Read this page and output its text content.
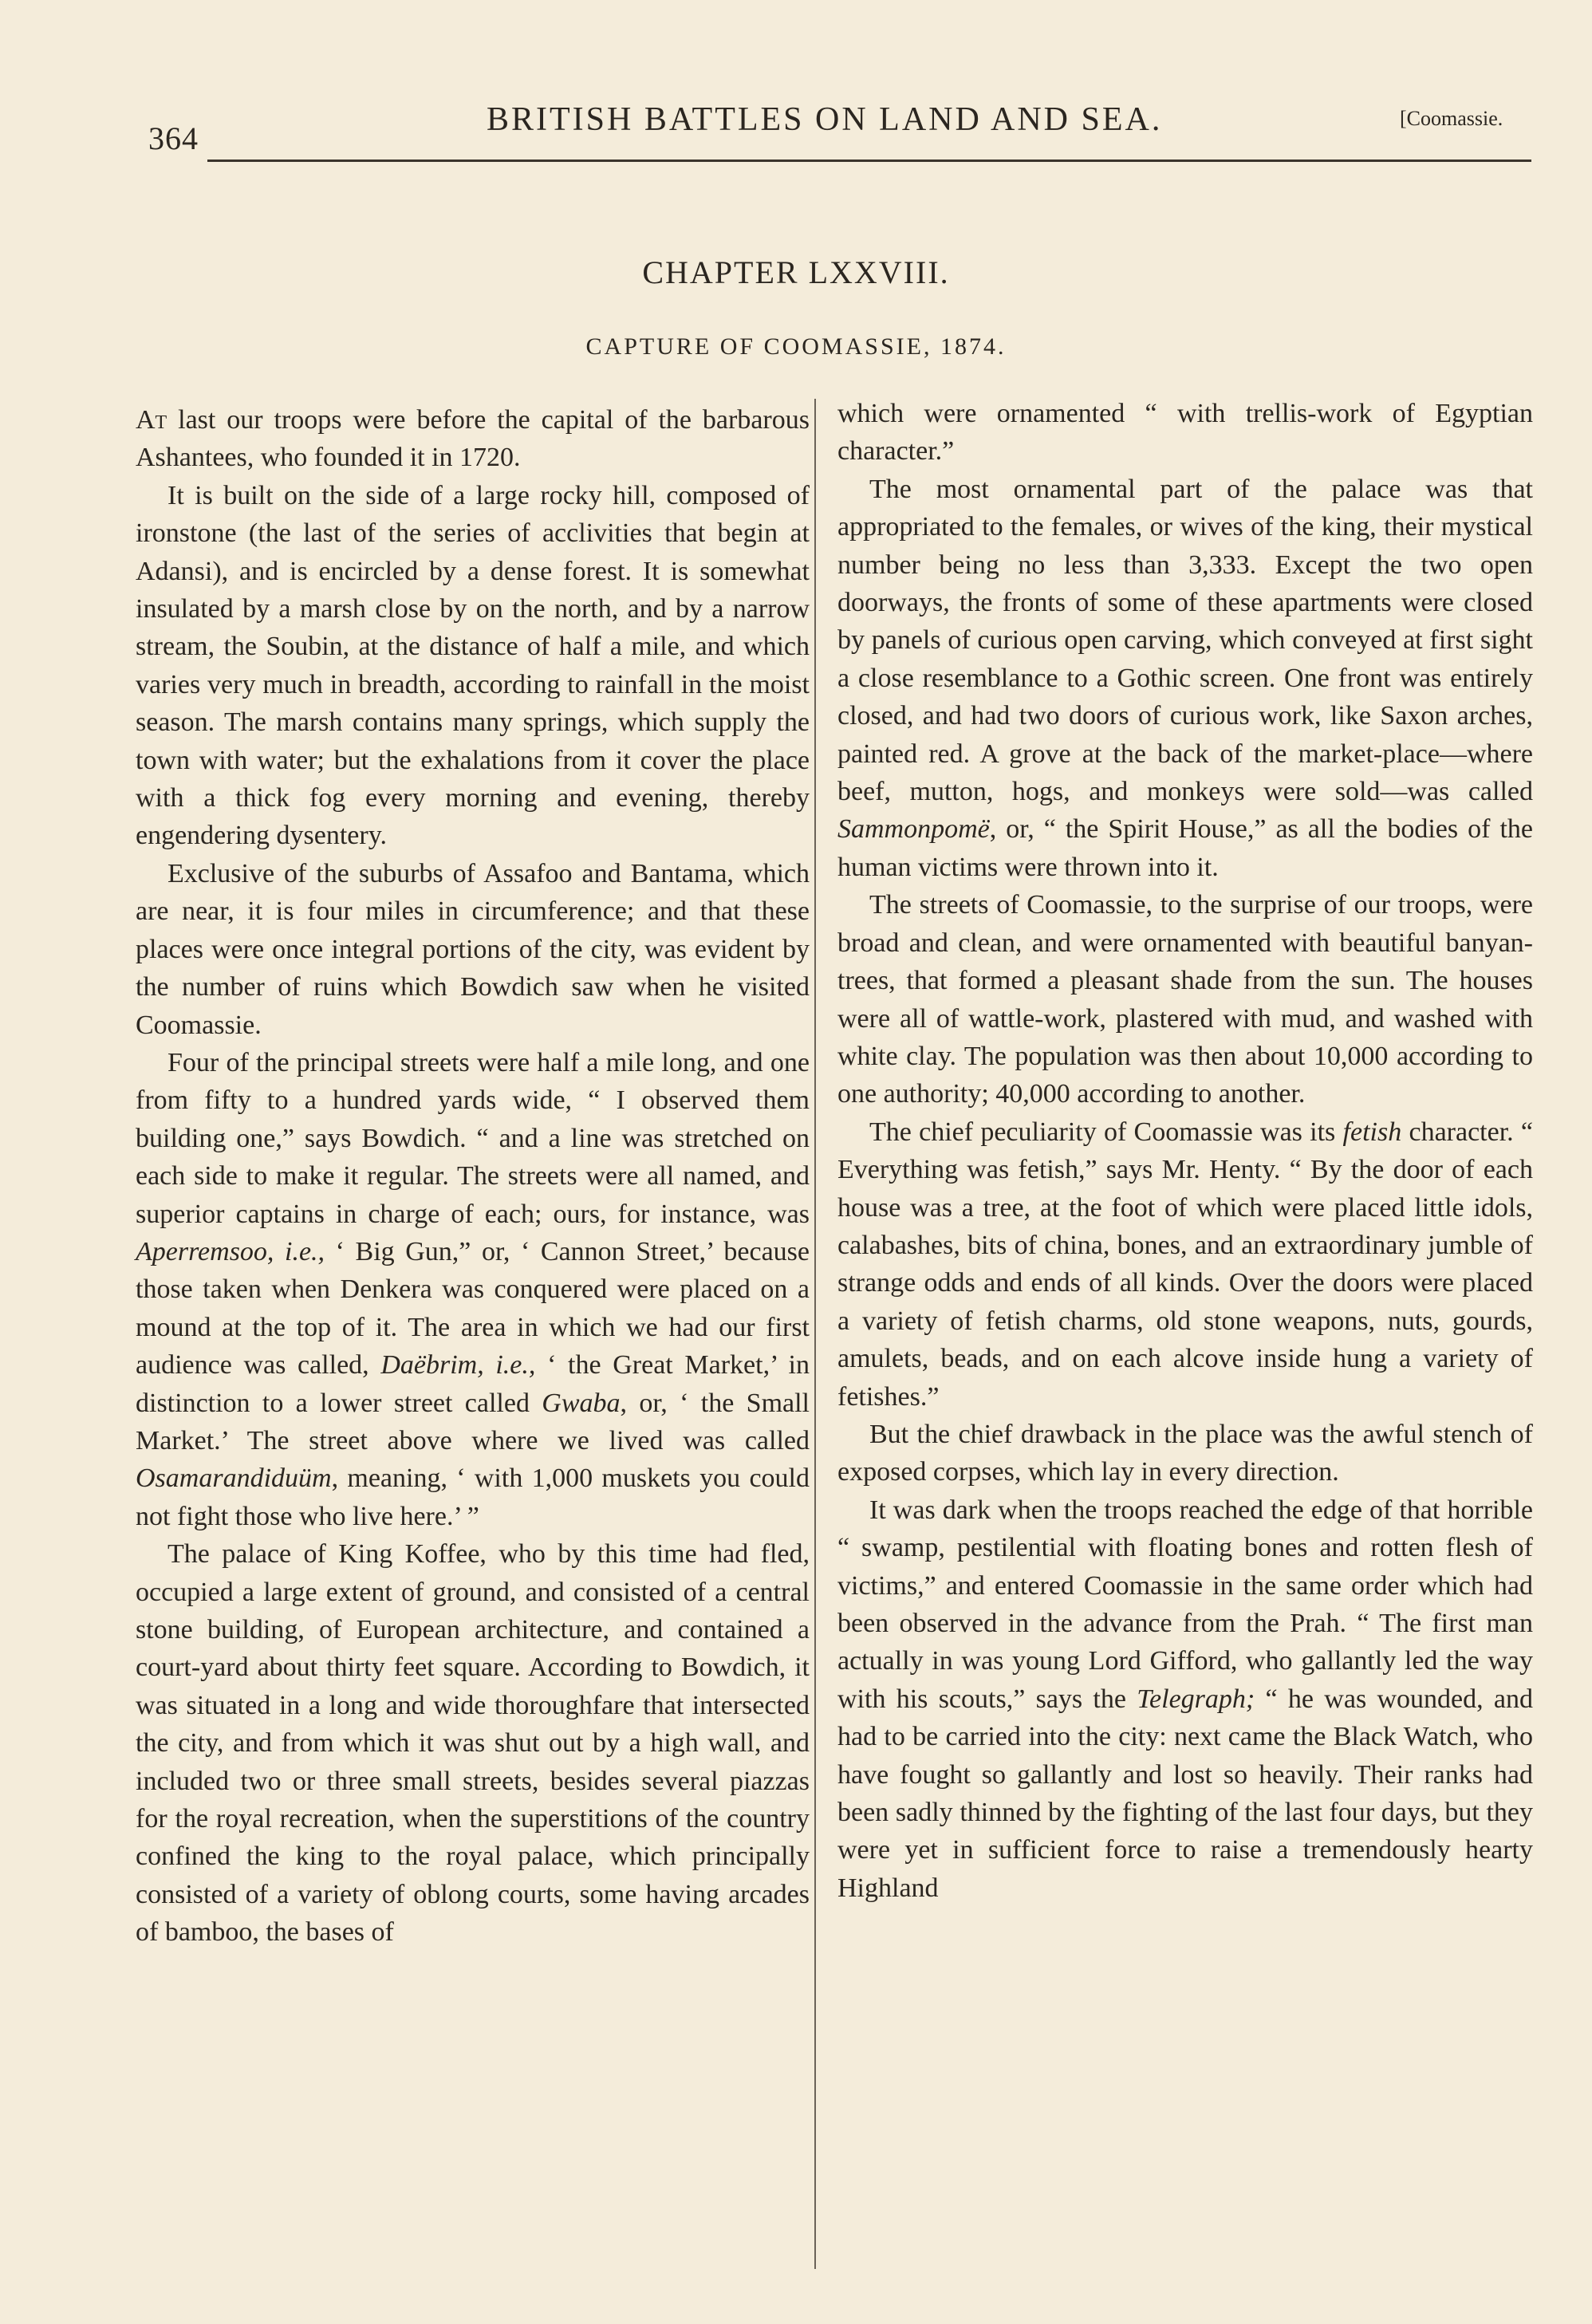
364
BRITISH BATTLES ON LAND AND SEA.	[Coomassie.
CHAPTER LXXVIII.
CAPTURE OF COOMASSIE, 1874.

At last our troops were before the capital of the barbarous Ashantees, who founded it in 1720.

It is built on the side of a large rocky hill, composed of ironstone (the last of the series of acclivities that begin at Adansi), and is encircled by a dense forest. It is somewhat insulated by a marsh close by on the north, and by a narrow stream, the Soubin, at the distance of half a mile, and which varies very much in breadth, according to rainfall in the moist season. The marsh contains many springs, which supply the town with water; but the exhalations from it cover the place with a thick fog every morning and evening, thereby engendering dysentery.

Exclusive of the suburbs of Assafoo and Bantama, which are near, it is four miles in circumference; and that these places were once integral portions of the city, was evident by the number of ruins which Bowdich saw when he visited Coomassie.

Four of the principal streets were half a mile long, and one from fifty to a hundred yards wide, “ I observed them building one,” says Bowdich. “ and a line was stretched on each side to make it regular. The streets were all named, and superior captains in charge of each; ours, for instance, was Aperremsoo, i.e., ‘ Big Gun,” or, ‘ Cannon Street,’ because those taken when Denkera was conquered were placed on a mound at the top of it. The area in which we had our first audience was called, Daëbrim, i.e., ‘ the Great Market,’ in distinction to a lower street called Gwaba, or, ‘ the Small Market.’ The street above where we lived was called Osamarandiduüm, meaning, ‘ with 1,000 muskets you could not fight those who live here.’ ”

The palace of King Koffee, who by this time had fled, occupied a large extent of ground, and consisted of a central stone building, of European architecture, and contained a court-yard about thirty feet square. According to Bowdich, it was situated in a long and wide thoroughfare that intersected the city, and from which it was shut out by a high wall, and included two or three small streets, besides several piazzas for the royal recreation, when the superstitions of the country confined the king to the royal palace, which principally consisted of a variety of oblong courts, some having arcades of bamboo, the bases of

which were ornamented “ with trellis-work of Egyptian character.”

The most ornamental part of the palace was that appropriated to the females, or wives of the king, their mystical number being no less than 3,333. Except the two open doorways, the fronts of some of these apartments were closed by panels of curious open carving, which conveyed at first sight a close resemblance to a Gothic screen. One front was entirely closed, and had two doors of curious work, like Saxon arches, painted red. A grove at the back of the market-place—where beef, mutton, hogs, and monkeys were sold—was called Sammonpomë, or, “ the Spirit House,” as all the bodies of the human victims were thrown into it.

The streets of Coomassie, to the surprise of our troops, were broad and clean, and were ornamented with beautiful banyan-trees, that formed a pleasant shade from the sun. The houses were all of wattle-work, plastered with mud, and washed with white clay. The population was then about 10,000 according to one authority; 40,000 according to another.

The chief peculiarity of Coomassie was its fetish character. “ Everything was fetish,” says Mr. Henty. “ By the door of each house was a tree, at the foot of which were placed little idols, calabashes, bits of china, bones, and an extraordinary jumble of strange odds and ends of all kinds. Over the doors were placed a variety of fetish charms, old stone weapons, nuts, gourds, amulets, beads, and on each alcove inside hung a variety of fetishes.”

But the chief drawback in the place was the awful stench of exposed corpses, which lay in every direction.

It was dark when the troops reached the edge of that horrible “ swamp, pestilential with floating bones and rotten flesh of victims,” and entered Coomassie in the same order which had been observed in the advance from the Prah. “ The first man actually in was young Lord Gifford, who gallantly led the way with his scouts,” says the Telegraph; “ he was wounded, and had to be carried into the city: next came the Black Watch, who have fought so gallantly and lost so heavily. Their ranks had been sadly thinned by the fighting of the last four days, but they were yet in sufficient force to raise a tremendously hearty Highland
